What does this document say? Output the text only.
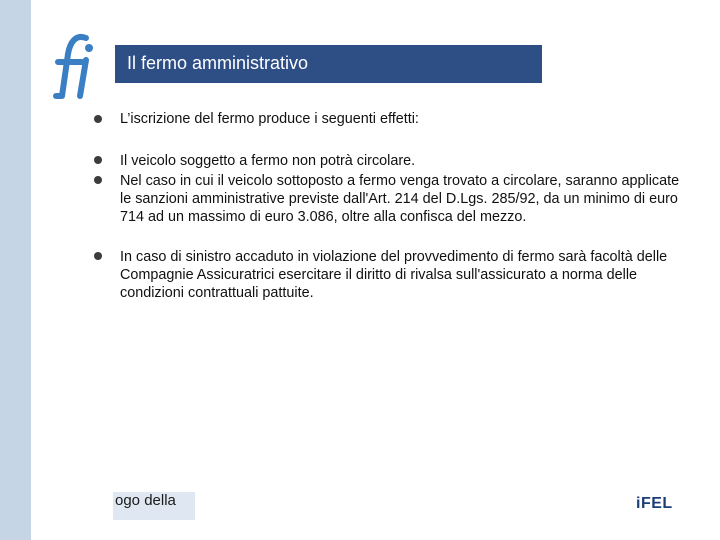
Il fermo amministrativo
L’iscrizione del fermo produce i seguenti effetti:
Il veicolo soggetto a fermo non potrà circolare.
Nel caso in cui il veicolo sottoposto a fermo venga trovato a circolare, saranno applicate le sanzioni amministrative previste dall'Art. 214 del D.Lgs. 285/92, da un minimo di euro 714 ad un massimo di euro 3.086, oltre alla confisca del mezzo.
In caso di sinistro accaduto in violazione del provvedimento di fermo sarà facoltà delle Compagnie Assicuratrici esercitare il diritto di rivalsa sull'assicurato a norma delle condizioni contrattuali pattuite.
ogo della	iFEL
